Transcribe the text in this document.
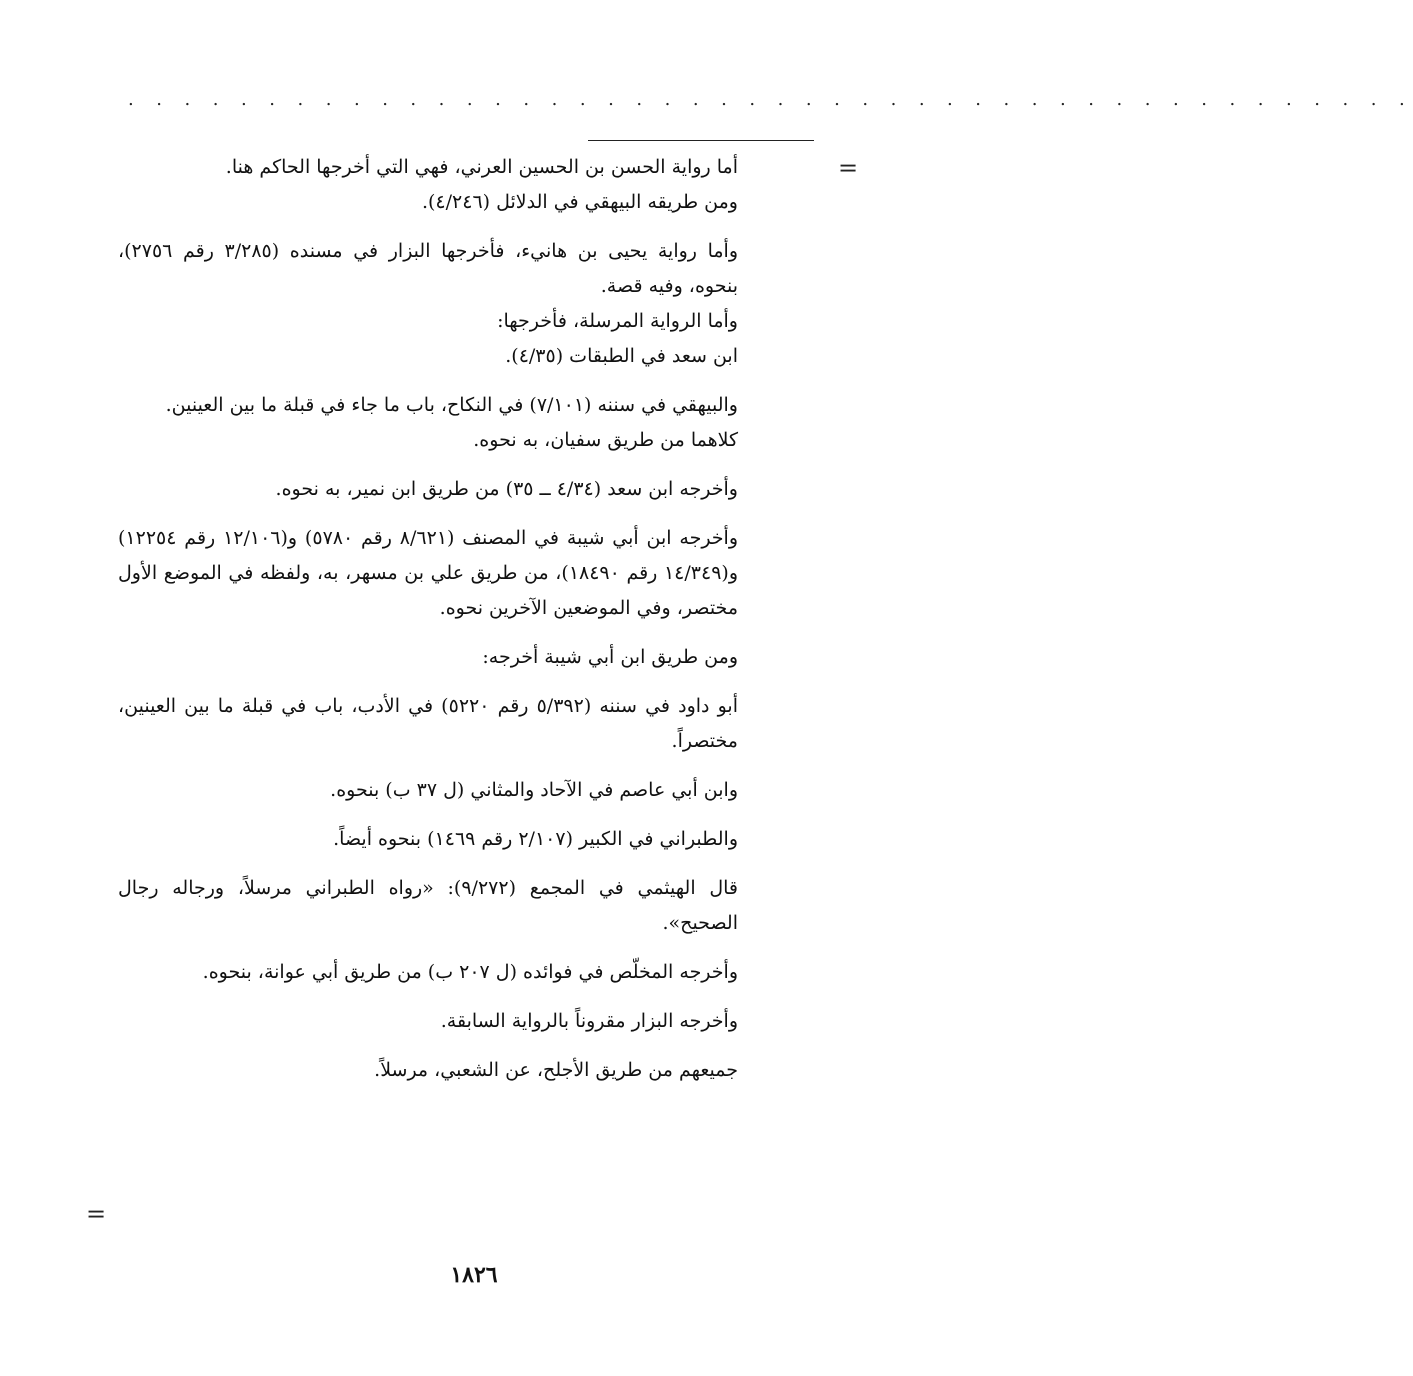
. . . . . . . . . . . . . . . . . . . . . . . . . . . . . . . . . . . . . . . . . . . . . .
=
=

أما رواية الحسن بن الحسين العرني، فهي التي أخرجها الحاكم هنا.

ومن طريقه البيهقي في الدلائل (٤/٢٤٦).

وأما رواية يحيى بن هانيء، فأخرجها البزار في مسنده (٣/٢٨٥ رقم ٢٧٥٦)، بنحوه، وفيه قصة.

وأما الرواية المرسلة، فأخرجها:

ابن سعد في الطبقات (٤/٣٥).

والبيهقي في سننه (٧/١٠١) في النكاح، باب ما جاء في قبلة ما بين العينين.

كلاهما من طريق سفيان، به نحوه.

وأخرجه ابن سعد (٤/٣٤ ــ ٣٥) من طريق ابن نمير، به نحوه.

وأخرجه ابن أبي شيبة في المصنف (٨/٦٢١ رقم ٥٧٨٠) و(١٢/١٠٦ رقم ١٢٢٥٤) و(١٤/٣٤٩ رقم ١٨٤٩٠)، من طريق علي بن مسهر، به، ولفظه في الموضع الأول مختصر، وفي الموضعين الآخرين نحوه.

ومن طريق ابن أبي شيبة أخرجه:

أبو داود في سننه (٥/٣٩٢ رقم ٥٢٢٠) في الأدب، باب في قبلة ما بين العينين، مختصراً.

وابن أبي عاصم في الآحاد والمثاني (ل ٣٧ ب) بنحوه.

والطبراني في الكبير (٢/١٠٧ رقم ١٤٦٩) بنحوه أيضاً.

قال الهيثمي في المجمع (٩/٢٧٢): «رواه الطبراني مرسلاً، ورجاله رجال الصحيح».

وأخرجه المخلّص في فوائده (ل ٢٠٧ ب) من طريق أبي عوانة، بنحوه.

وأخرجه البزار مقروناً بالرواية السابقة.

جميعهم من طريق الأجلح، عن الشعبي، مرسلاً.

١٨٢٦
